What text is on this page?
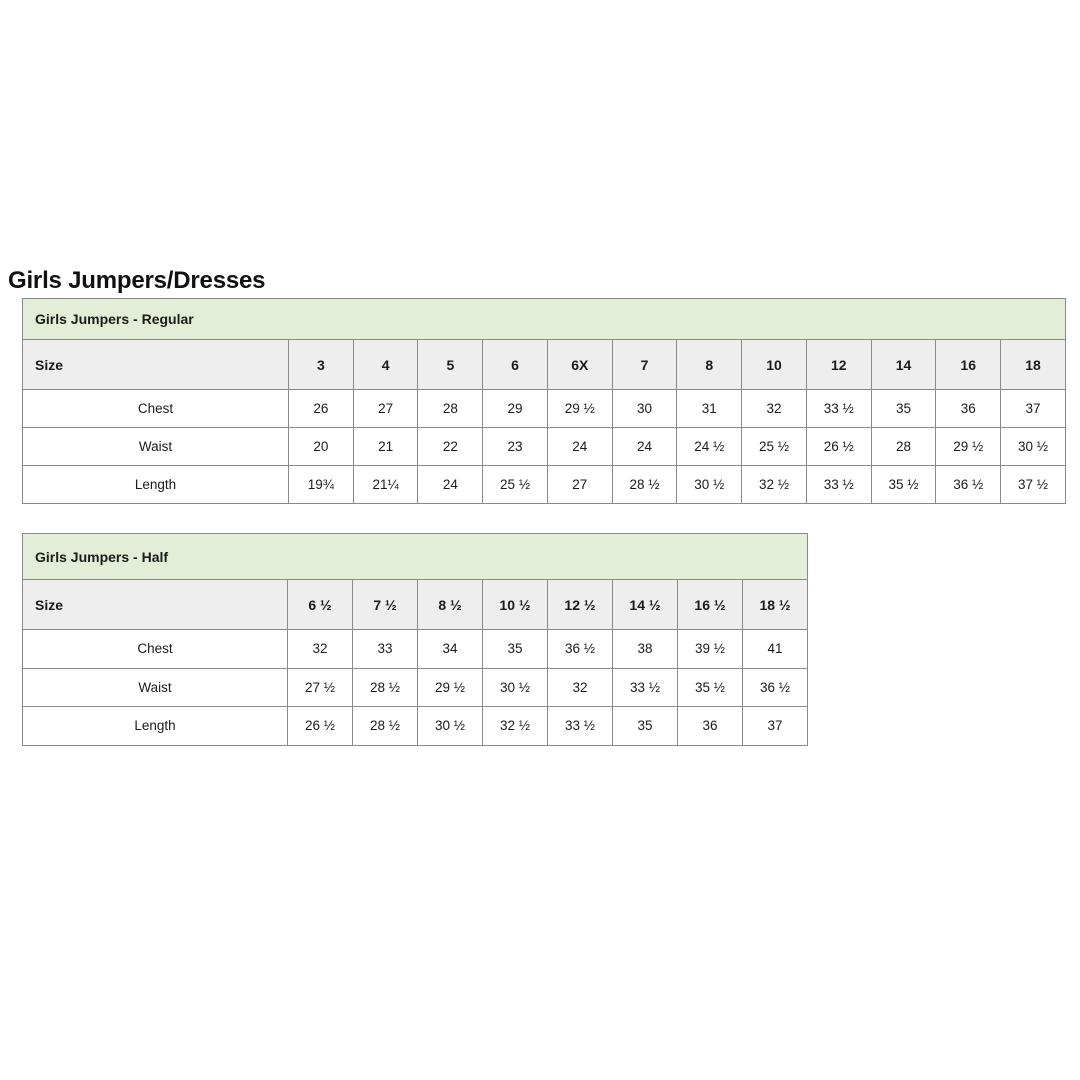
Girls Jumpers/Dresses
Girls Jumpers - Regular												
Size	3	4	5	6	6X	7	8	10	12	14	16	18
Chest	26	27	28	29	29 ½	30	31	32	33 ½	35	36	37
Waist	20	21	22	23	24	24	24 ½	25 ½	26 ½	28	29 ½	30 ½
Length	19¾	21¼	24	25 ½	27	28 ½	30 ½	32 ½	33 ½	35 ½	36 ½	37 ½
Girls Jumpers - Half								
Size	6 ½	7 ½	8 ½	10 ½	12 ½	14 ½	16 ½	18 ½
Chest	32	33	34	35	36 ½	38	39 ½	41
Waist	27 ½	28 ½	29 ½	30 ½	32	33 ½	35 ½	36 ½
Length	26 ½	28 ½	30 ½	32 ½	33 ½	35	36	37
